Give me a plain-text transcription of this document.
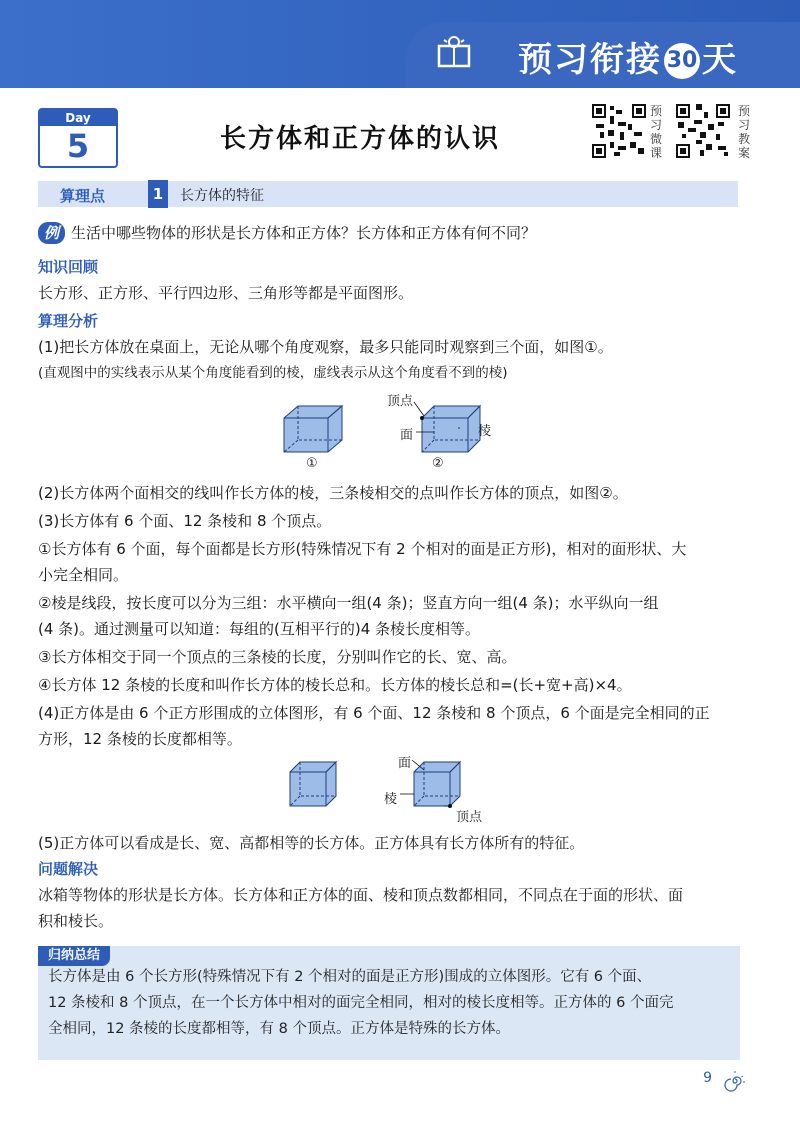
预习衔接 30 天
Day
5	长方体和正方体的认识
预
习
微
课
预
习
教
案
算理点	1	长方体的特征
例 生活中哪些物体的形状是长方体和正方体？长方体和正方体有何不同？
知识回顾
长方形、正方形、平行四边形、三角形等都是平面图形。
算理分析
(1)把长方体放在桌面上，无论从哪个角度观察，最多只能同时观察到三个面，如图①。
(直观图中的实线表示从某个角度能看到的棱，虚线表示从这个角度看不到的棱)
①
顶点
面	棱
②
(2)长方体两个面相交的线叫作长方体的棱，三条棱相交的点叫作长方体的顶点，如图②。
(3)长方体有 6 个面、12 条棱和 8 个顶点。
①长方体有 6 个面，每个面都是长方形(特殊情况下有 2 个相对的面是正方形)，相对的面形状、大
小完全相同。
②棱是线段，按长度可以分为三组：水平横向一组(4 条)；竖直方向一组(4 条)；水平纵向一组
(4 条)。通过测量可以知道：每组的(互相平行的)4 条棱长度相等。
③长方体相交于同一个顶点的三条棱的长度，分别叫作它的长、宽、高。
④长方体 12 条棱的长度和叫作长方体的棱长总和。长方体的棱长总和=(长+宽+高)×4。
(4)正方体是由 6 个正方形围成的立体图形，有 6 个面、12 条棱和 8 个顶点，6 个面是完全相同的正
方形，12 条棱的长度都相等。
面
棱
顶点
(5)正方体可以看成是长、宽、高都相等的长方体。正方体具有长方体所有的特征。
问题解决
冰箱等物体的形状是长方体。长方体和正方体的面、棱和顶点数都相同，不同点在于面的形状、面
积和棱长。
归纳总结
长方体是由 6 个长方形(特殊情况下有 2 个相对的面是正方形)围成的立体图形。它有 6 个面、
12 条棱和 8 个顶点，在一个长方体中相对的面完全相同，相对的棱长度相等。正方体的 6 个面完
全相同，12 条棱的长度都相等，有 8 个顶点。正方体是特殊的长方体。
9
